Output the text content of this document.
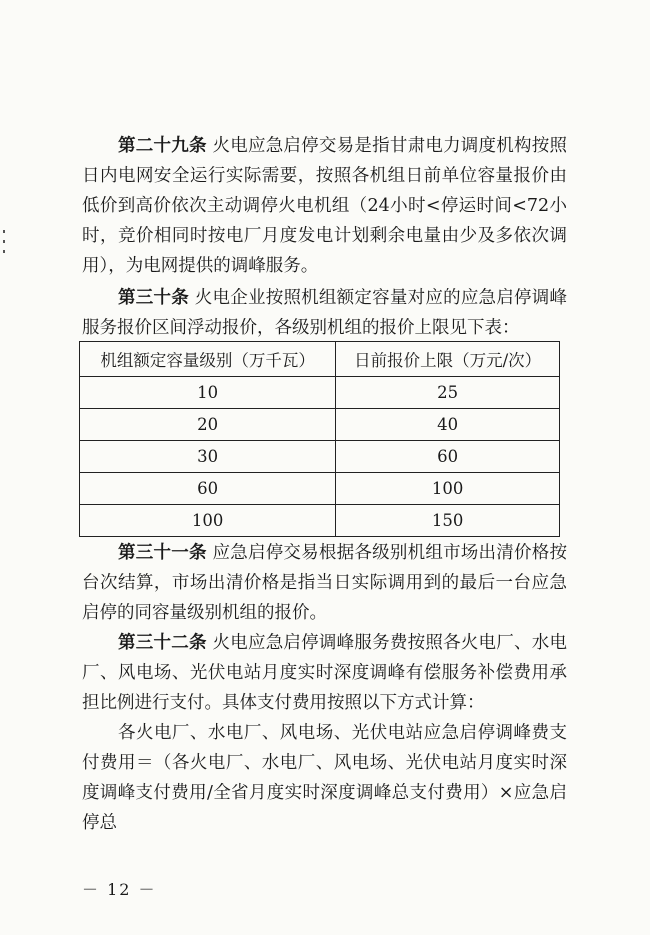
第二十九条 火电应急启停交易是指甘肃电力调度机构按照日内电网安全运行实际需要，按照各机组日前单位容量报价由低价到高价依次主动调停火电机组（24小时<停运时间<72小时，竞价相同时按电厂月度发电计划剩余电量由少及多依次调用），为电网提供的调峰服务。

第三十条 火电企业按照机组额定容量对应的应急启停调峰服务报价区间浮动报价，各级别机组的报价上限见下表：

机组额定容量级别（万千瓦）	日前报价上限（万元/次）
10	25
20	40
30	60
60	100
100	150

第三十一条 应急启停交易根据各级别机组市场出清价格按台次结算，市场出清价格是指当日实际调用到的最后一台应急启停的同容量级别机组的报价。

第三十二条 火电应急启停调峰服务费按照各火电厂、水电厂、风电场、光伏电站月度实时深度调峰有偿服务补偿费用承担比例进行支付。具体支付费用按照以下方式计算：

各火电厂、水电厂、风电场、光伏电站应急启停调峰费支付费用＝（各火电厂、水电厂、风电场、光伏电站月度实时深度调峰支付费用/全省月度实时深度调峰总支付费用）×应急启停总

－ 12 －
